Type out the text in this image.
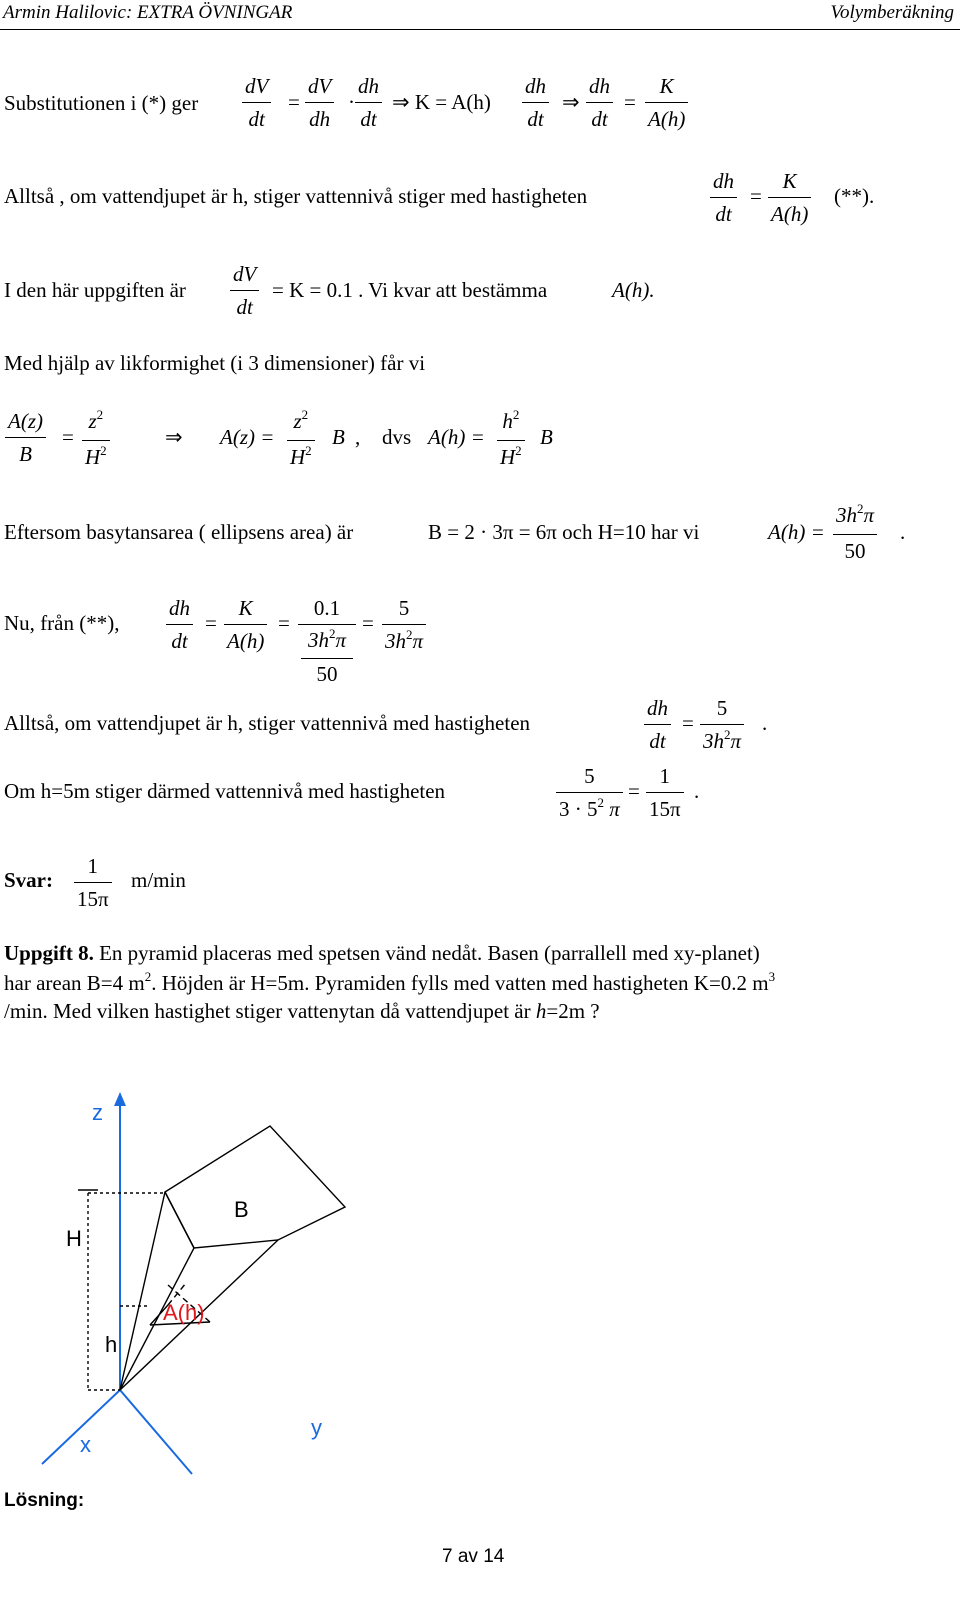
Armin Halilovic: EXTRA ÖVNINGAR	Volymberäkning
Substitutionen i (*) ger
dV
dt
=
dV
dh
·
dh
dt
⇒ K = A(h)
dh
dt
⇒
dh
dt
=
K
A(h)
Alltså , om vattendjupet är h, stiger vattennivå stiger med hastigheten
dh
dt
=
K
A(h)
(**).
I den här uppgiften är
dV
dt
= K = 0.1 . Vi kvar att bestämma	A(h).
Med hjälp av likformighet (i 3 dimensioner) får vi
A(z)
B
=
$z^2$
$H^2$
⇒ A(z) =
$z^2$
$H^2$
B , dvs A(h) =
$h^2$
$H^2$
B
Eftersom basytansarea ( ellipsens area) är	B = 2 · 3π = 6π och H=10 har vi	A(h) =
$3h^2\pi$
50
.
Nu, från (**),
dh
dt
=
K
A(h)
=
0.1
$3h^2\pi$
50
=
5
$3h^2\pi$
Alltså, om vattendjupet är h, stiger vattennivå med hastigheten
dh
dt
=
5
$3h^2\pi$
.
Om h=5m stiger därmed vattennivå med hastigheten
5
$3 \cdot 5^2$ π
=
1
15π
.
Svar:
1
15π
m/min
Uppgift 8. En pyramid placeras med spetsen vänd nedåt. Basen (parrallell med xy-planet)
har arean B=4 $m^2$. Höjden är H=5m. Pyramiden fylls med vatten med hastigheten K=0.2 $m^3$
/min. Med vilken hastighet stiger vattenytan då vattendjupet är h=2m ?
z
x
y
H
h
B
A(h)
Lösning:
7 av 14
